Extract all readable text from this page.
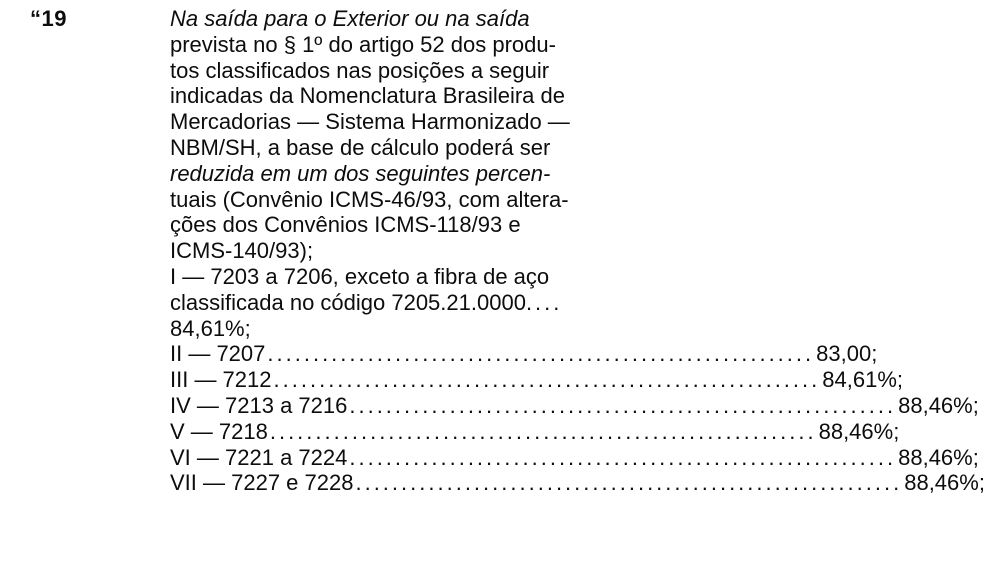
“19	Na saída para o Exterior ou na saída
prevista no § 1º do artigo 52 dos produ-
tos classificados nas posições a seguir
indicadas da Nomenclatura Brasileira de
Mercadorias — Sistema Harmonizado —
NBM/SH, a base de cálculo poderá ser
reduzida em um dos seguintes percen-
tuais (Convênio ICMS-46/93, com altera-
ções dos Convênios ICMS-118/93 e
ICMS-140/93);
I — 7203 a 7206, exceto a fibra de aço
classificada no código 7205.21.0000....
84,61%;
II — 7207 ............................................................ 83,00;
III — 7212 ............................................................ 84,61%;
IV — 7213 a 7216 ............................................................ 88,46%;
V — 7218 ............................................................ 88,46%;
VI — 7221 a 7224 ............................................................ 88,46%;
VII — 7227 e 7228 ............................................................ 88,46%;
